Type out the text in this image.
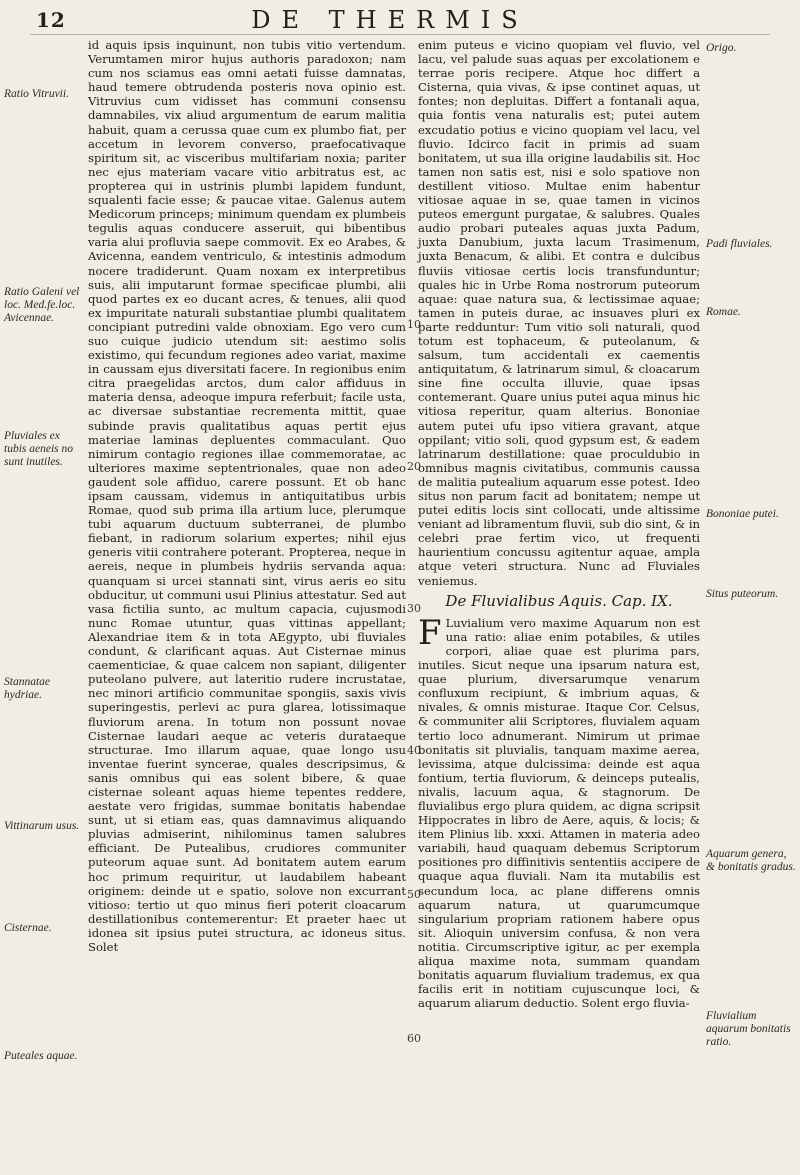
12	DE THERMIS
Ratio Vitruvii.
Ratio Galeni vel loc. Med.fe.loc. Avicennae.
Pluviales ex tubis aeneis no sunt inutiles.
Stannatae hydriae.
Vittinarum usus.
Cisternae.
Puteales aquae.

id aquis ipsis inquinunt, non tubis vitio vertendum. Verumtamen miror hujus authoris paradoxon; nam cum nos sciamus eas omni aetati fuisse damnatas, haud temere obtrudenda posteris nova opinio est. Vitruvius cum vidisset has communi consensu damnabiles, vix aliud argumentum de earum malitia habuit, quam a cerussa quae cum ex plumbo fiat, per accetum in levorem converso, praefocativaque spiritum sit, ac visceribus multifariam noxia; pariter nec ejus materiam vacare vitio arbitratus est, ac propterea qui in ustrinis plumbi lapidem fundunt, squalenti facie esse; & paucae vitae. Galenus autem Medicorum princeps; minimum quendam ex plumbeis tegulis aquas conducere asseruit, qui bibentibus varia alui profluvia saepe commovit. Ex eo Arabes, & Avicenna, eandem ventriculo, & intestinis admodum nocere tradiderunt. Quam noxam ex interpretibus suis, alii imputarunt formae specificae plumbi, alii quod partes ex eo ducant acres, & tenues, alii quod ex impuritate naturali substantiae plumbi qualitatem concipiant putredini valde obnoxiam. Ego vero cum suo cuique judicio utendum sit: aestimo solis existimo, qui fecundum regiones adeo variat, maxime in caussam ejus diversitati facere. In regionibus enim citra praegelidas arctos, dum calor affiduus in materia densa, adeoque impura referbuit; facile usta, ac diversae substantiae recrementa mittit, quae subinde pravis qualitatibus aquas pertit ejus materiae laminas depluentes commaculant. Quo nimirum contagio regiones illae commemoratae, ac ulteriores maxime septentrionales, quae non adeo gaudent sole affiduo, carere possunt. Et ob hanc ipsam caussam, videmus in antiquitatibus urbis Romae, quod sub prima illa artium luce, plerumque tubi aquarum ductuum subterranei, de plumbo fiebant, in radiorum solarium expertes; nihil ejus generis vitii contrahere poterant. Propterea, neque in aereis, neque in plumbeis hydriis servanda aqua: quanquam si urcei stannati sint, virus aeris eo situ obducitur, ut communi usui Plinius attestatur. Sed aut vasa fictilia sunto, ac multum capacia, cujusmodi nunc Romae utuntur, quas vittinas appellant; Alexandriae item & in tota AEgypto, ubi fluviales condunt, & clarificant aquas. Aut Cisternae minus caementiciae, & quae calcem non sapiant, diligenter puteolano pulvere, aut lateritio rudere incrustatae, nec minori artificio communitae spongiis, saxis vivis superingestis, perlevi ac pura glarea, lotissimaque fluviorum arena. In totum non possunt novae Cisternae laudari aeque ac veteris durataeque structurae. Imo illarum aquae, quae longo usu inventae fuerint syncerae, quales descripsimus, & sanis omnibus qui eas solent bibere, & quae cisternae soleant aquas hieme tepentes reddere, aestate vero frigidas, summae bonitatis habendae sunt, ut si etiam eas, quas damnavimus aliquando pluvias admiserint, nihilominus tamen salubres efficiant. De Putealibus, crudiores communiter puteorum aquae sunt. Ad bonitatem autem earum hoc primum requiritur, ut laudabilem habeant originem: deinde ut e spatio, solove non excurrant vitioso: tertio ut quo minus fieri poterit cloacarum destillationibus contemerentur: Et praeter haec ut idonea sit ipsius putei structura, ac idoneus situs. Solet

10
20
30
40
50
60

enim puteus e vicino quopiam vel fluvio, vel lacu, vel palude suas aquas per excolationem e terrae poris recipere. Atque hoc differt a Cisterna, quia vivas, & ipse continet aquas, ut fontes; non depluitas. Differt a fontanali aqua, quia fontis vena naturalis est; putei autem excudatio potius e vicino quopiam vel lacu, vel fluvio. Idcirco facit in primis ad suam bonitatem, ut sua illa origine laudabilis sit. Hoc tamen non satis est, nisi e solo spatiove non destillent vitioso. Multae enim habentur vitiosae aquae in se, quae tamen in vicinos puteos emergunt purgatae, & salubres. Quales audio probari puteales aquas juxta Padum, juxta Danubium, juxta lacum Trasimenum, juxta Benacum, & alibi. Et contra e dulcibus fluviis vitiosae certis locis transfunduntur; quales hic in Urbe Roma nostrorum puteorum aquae: quae natura sua, & lectissimae aquae; tamen in puteis durae, ac insuaves pluri ex parte redduntur: Tum vitio soli naturali, quod totum est tophaceum, & puteolanum, & salsum, tum accidentali ex caementis antiquitatum, & latrinarum simul, & cloacarum sine fine occulta illuvie, quae ipsas contemerant. Quare unius putei aqua minus hic vitiosa reperitur, quam alterius. Bononiae autem putei ufu ipso vitiera gravant, atque oppilant; vitio soli, quod gypsum est, & eadem latrinarum destillatione: quae proculdubio in omnibus magnis civitatibus, communis caussa de malitia putealium aquarum esse potest. Ideo situs non parum facit ad bonitatem; nempe ut putei editis locis sint collocati, unde altissime veniant ad libramentum fluvii, sub dio sint, & in celebri prae fertim vico, ut frequenti haurientium concussu agitentur aquae, ampla atque veteri structura. Nunc ad Fluviales veniemus.

De Fluvialibus Aquis. Cap. IX.

F Luvialium vero maxime Aquarum non est una ratio: aliae enim potabiles, & utiles corpori, aliae quae est plurima pars, inutiles. Sicut neque una ipsarum natura est, quae plurium, diversarumque venarum confluxum recipiunt, & imbrium aquas, & nivales, & omnis misturae. Itaque Cor. Celsus, & communiter alii Scriptores, fluvialem aquam tertio loco adnumerant. Nimirum ut primae bonitatis sit pluvialis, tanquam maxime aerea, levissima, atque dulcissima: deinde est aqua fontium, tertia fluviorum, & deinceps putealis, nivalis, lacuum aqua, & stagnorum. De fluvialibus ergo plura quidem, ac digna scripsit Hippocrates in libro de Aere, aquis, & locis; & item Plinius lib. xxxi. Attamen in materia adeo variabili, haud quaquam debemus Scriptorum positiones pro diffinitivis sententiis accipere de quaque aqua fluviali. Nam ita mutabilis est secundum loca, ac plane differens omnis aquarum natura, ut quarumcumque singularium propriam rationem habere opus sit. Alioquin universim confusa, & non vera notitia. Circumscriptive igitur, ac per exempla aliqua maxime nota, summam quandam bonitatis aquarum fluvialium trademus, ex qua facilis erit in notitiam cujuscunque loci, & aquarum aliarum deductio. Solent ergo fluvia-

Origo.
Padi fluviales.
Romae.
Bononiae putei.
Situs puteorum.
Aquarum genera, & bonitatis gradus.
Fluvialium aquarum bonitatis ratio.
